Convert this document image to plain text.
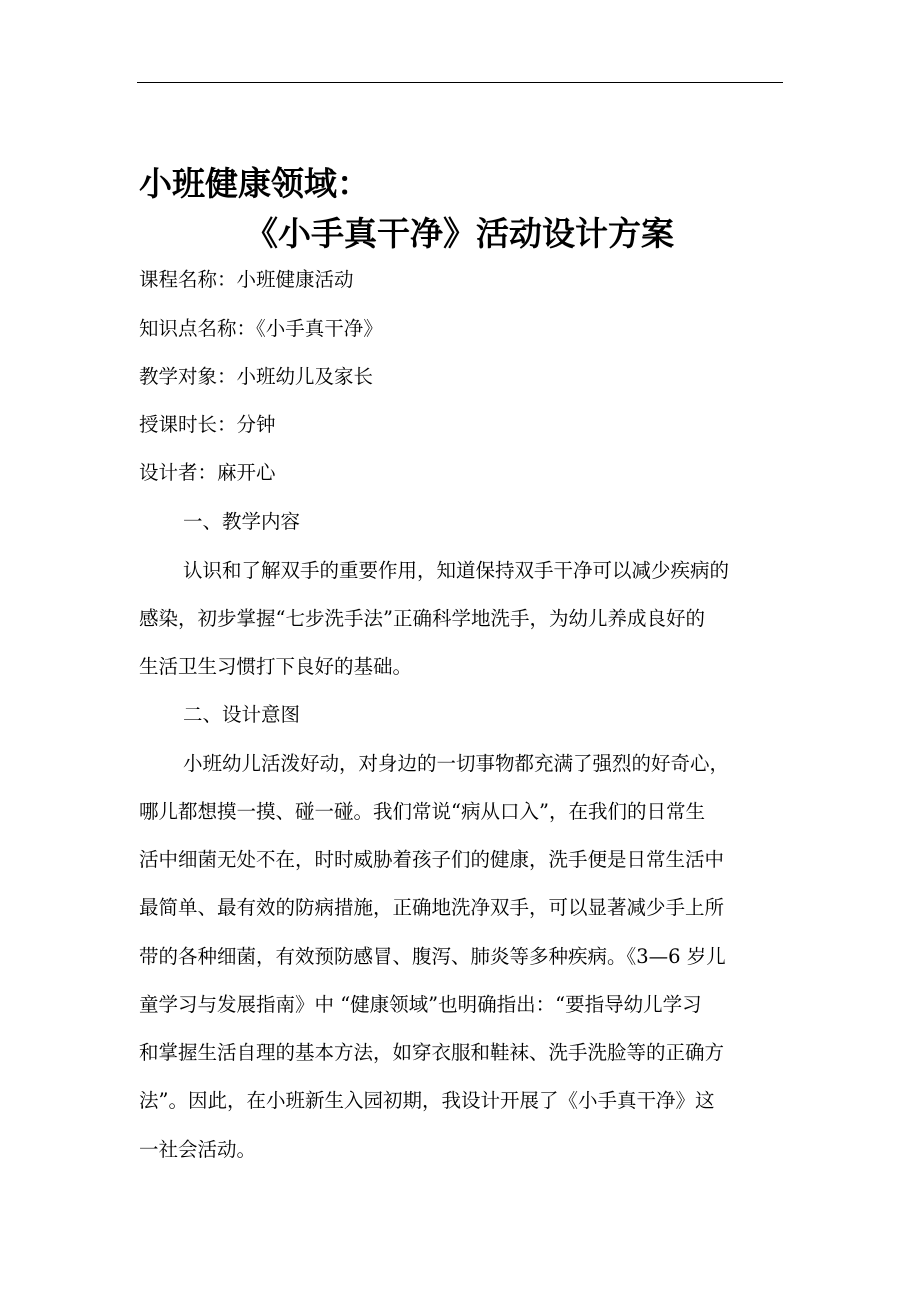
小班健康领域：
《小手真干净》活动设计方案
课程名称：小班健康活动
知识点名称：《小手真干净》
教学对象：小班幼儿及家长
授课时长：分钟
设计者：麻开心
一、教学内容
认识和了解双手的重要作用，知道保持双手干净可以减少疾病的
感染，初步掌握“七步洗手法”正确科学地洗手，为幼儿养成良好的
生活卫生习惯打下良好的基础。
二、设计意图
小班幼儿活泼好动，对身边的一切事物都充满了强烈的好奇心，
哪儿都想摸一摸、碰一碰。我们常说“病从口入”，在我们的日常生
活中细菌无处不在，时时威胁着孩子们的健康，洗手便是日常生活中
最简单、最有效的防病措施，正确地洗净双手，可以显著减少手上所
带的各种细菌，有效预防感冒、腹泻、肺炎等多种疾病。《3—6 岁儿
童学习与发展指南》中 “健康领域”也明确指出：“要指导幼儿学习
和掌握生活自理的基本方法，如穿衣服和鞋袜、洗手洗脸等的正确方
法”。因此，在小班新生入园初期，我设计开展了《小手真干净》这
一社会活动。
